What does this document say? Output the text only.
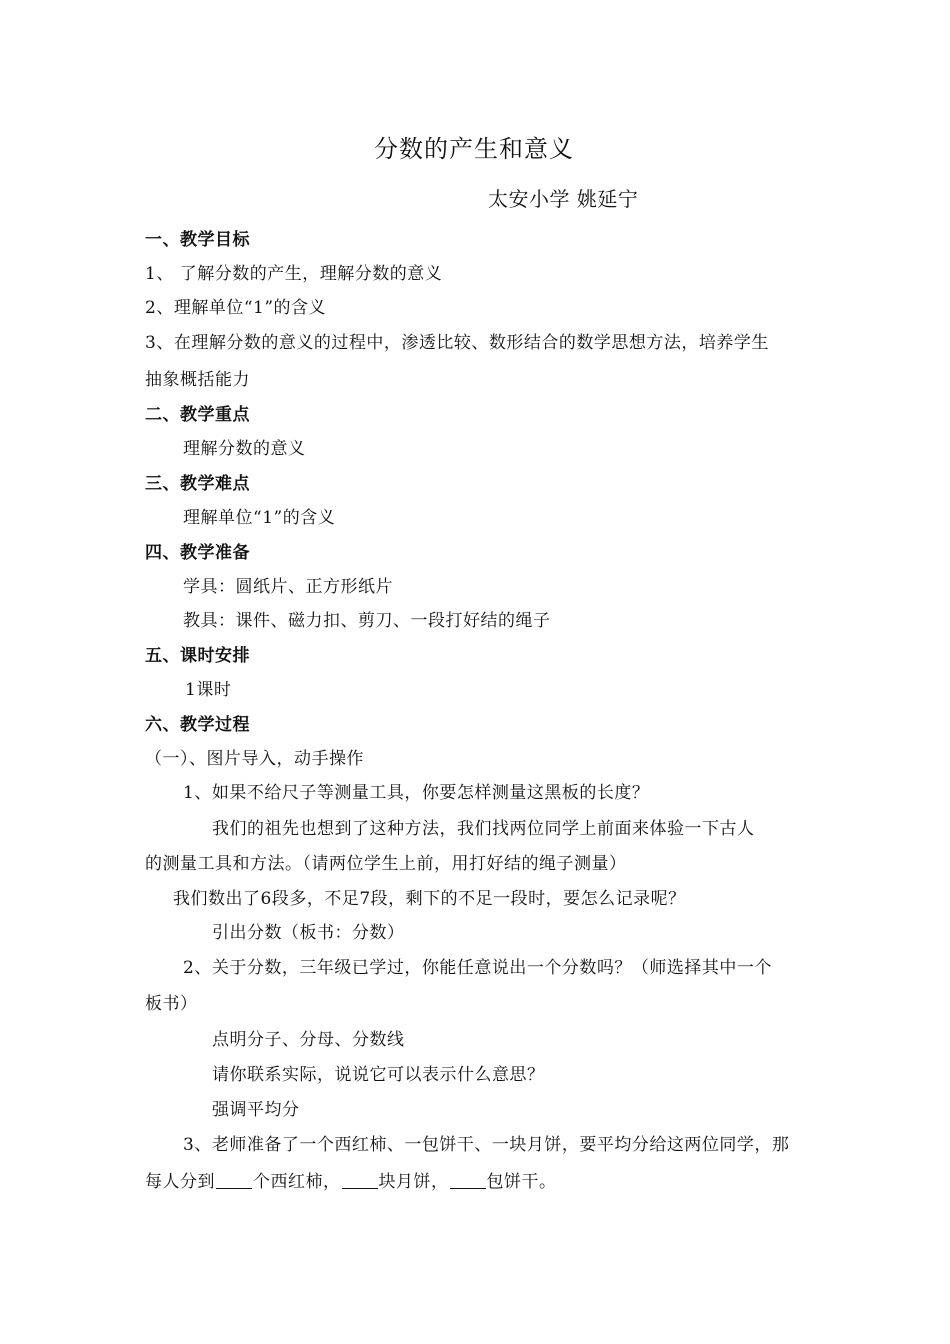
分数的产生和意义
太安小学 姚延宁
一、教学目标
1、 了解分数的产生，理解分数的意义
2、理解单位“1”的含义
3、在理解分数的意义的过程中，渗透比较、数形结合的数学思想方法，培养学生
抽象概括能力
二、教学重点
理解分数的意义
三、教学难点
理解单位“1”的含义
四、教学准备
学具：圆纸片、正方形纸片
教具：课件、磁力扣、剪刀、一段打好结的绳子
五、课时安排
1课时
六、教学过程
（一）、图片导入，动手操作
1、如果不给尺子等测量工具，你要怎样测量这黑板的长度？
我们的祖先也想到了这种方法，我们找两位同学上前面来体验一下古人
的测量工具和方法。（请两位学生上前，用打好结的绳子测量）
我们数出了6段多，不足7段，剩下的不足一段时，要怎么记录呢？
引出分数（板书：分数）
2、关于分数，三年级已学过，你能任意说出一个分数吗？（师选择其中一个
板书）
点明分子、分母、分数线
请你联系实际，说说它可以表示什么意思？
强调平均分
3、老师准备了一个西红柿、一包饼干、一块月饼，要平均分给这两位同学，那
每人分到 个西红柿， 块月饼， 包饼干。
